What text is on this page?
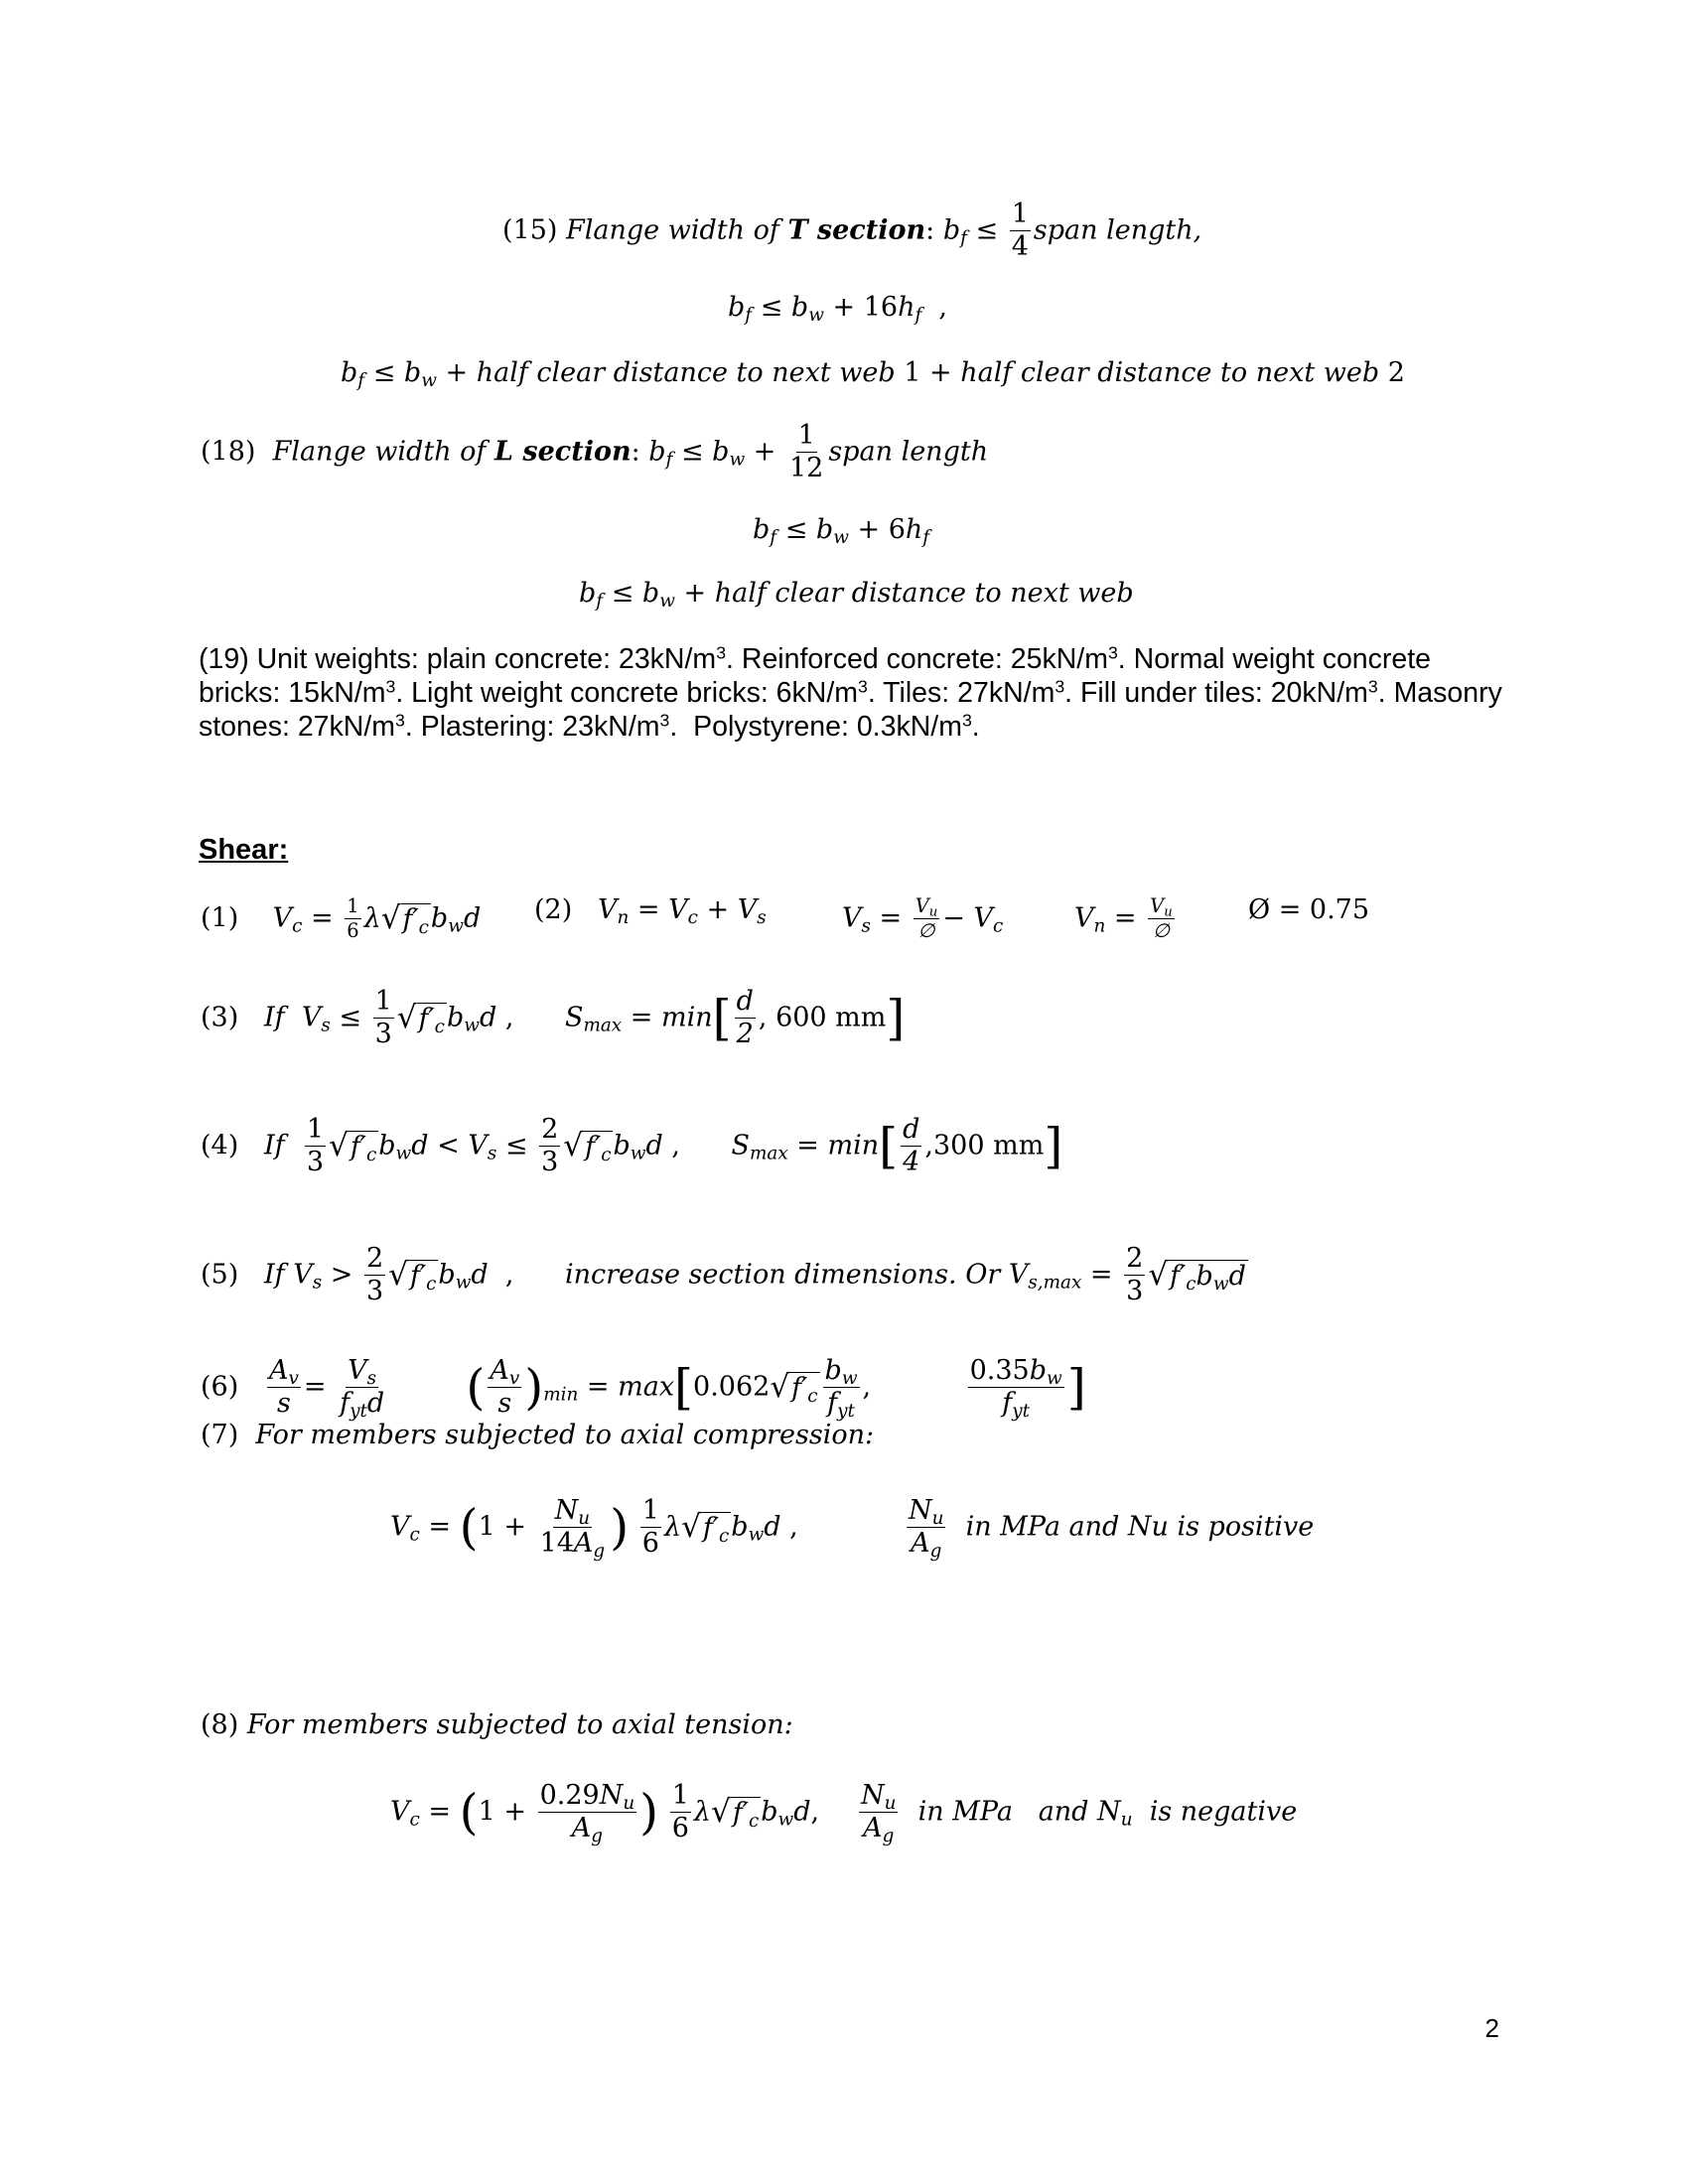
(15) Flange width of T section: $b_f \le \frac{1}{4}$ span length,
$b_f \le b_w + 16h_f$  ,
$b_f \le b_w$ + half clear distance to next web 1 + half clear distance to next web 2
(18) Flange width of L section: $b_f \le b_w + \frac{1}{12}$ span length
$b_f \le b_w + 6h_f$
$b_f \le b_w$ + half clear distance to next web
(19) Unit weights: plain concrete: $23kN/m^3$. Reinforced concrete: $25kN/m^3$. Normal weight concrete bricks: $15kN/m^3$. Light weight concrete bricks: $6kN/m^3$. Tiles: $27kN/m^3$. Fill under tiles: $20kN/m^3$. Masonry stones: $27kN/m^3$. Plastering: $23kN/m^3$.  Polystyrene: $0.3kN/m^3$.
Shear:
(1)    $V_c = \frac{1}{6} \lambda√f'_cb_wd$ (2)   $V_n = V_c + V_s$	$V_s = V_u$
∅ − $V_c$	$V_n = V_u$
∅
Ø = 0.75
(3)   If  $V_s \le \frac{1}{3} √f'_cb_wd$ ,      $S_{max} = \min[ \frac{d}{2}$ , 600 mm]
(4)   If $\frac{1}{3} √f'_cb_wd < V_s \le \frac{2}{3} √f'_cb_wd$ ,      $S_{max} = \min[ \frac{d}{4} ,300$ mm]
(5)   If $V_s > \frac{2}{3} √f'_cb_wd$  , increase section dimensions. Or $V_{s,max} = \frac{2}{3} √f'_cb_wd$
$(6) \frac{A_v}{s}$ =
$V_s$
$f_{yt}d$ ( $\frac{A_v}{s} )_{min} = \max[0.062√f'_c$
$b_w$
$f_{yt}$
,
$0.35b_w$
$f_{yt}$ ]
(7) For members subjected to axial compression:
$V_c = (1 + \frac{N_u}{14A_g}$ ) $\frac{1}{6} \lambda√f'_cb_wd$ ,	$\frac{N_u}{A_g}$ in MPa and Nu is positive
(8) For members subjected to axial tension:
$V_c = (1 + \frac{0.29N_u}{A_g}$ ) $\frac{1}{6} \lambda√f'_cb_wd$, $\frac{N_u}{A_g}$ in MPa and $N_u$ is negative
2
